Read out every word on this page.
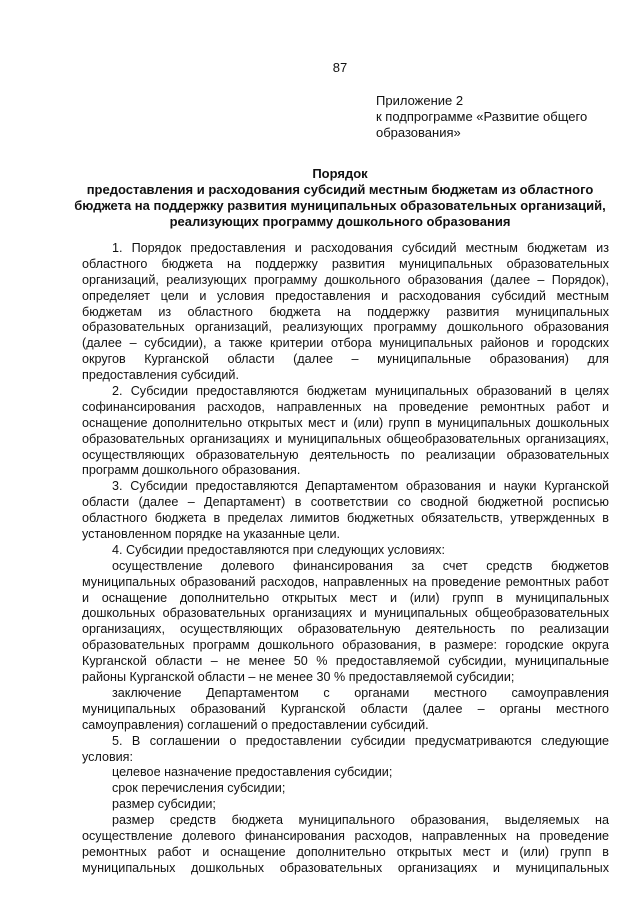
87
Приложение 2
к подпрограмме «Развитие общего
образования»
Порядок
предоставления и расходования субсидий местным бюджетам из областного
бюджета на поддержку развития муниципальных образовательных организаций,
реализующих программу дошкольного образования
1. Порядок предоставления и расходования субсидий местным бюджетам из
областного бюджета на поддержку развития муниципальных образовательных
организаций, реализующих программу дошкольного образования (далее – Порядок),
определяет цели и условия предоставления и расходования субсидий местным
бюджетам из областного бюджета на поддержку развития муниципальных
образовательных организаций, реализующих программу дошкольного образования
(далее – субсидии), а также критерии отбора муниципальных районов и городских
округов Курганской области (далее – муниципальные образования) для
предоставления субсидий.
2. Субсидии предоставляются бюджетам муниципальных образований в целях
софинансирования расходов, направленных на проведение ремонтных работ и
оснащение дополнительно открытых мест и (или) групп в муниципальных дошкольных
образовательных организациях и муниципальных общеобразовательных организациях,
осуществляющих образовательную деятельность по реализации образовательных
программ дошкольного образования.
3. Субсидии предоставляются Департаментом образования и науки Курганской
области (далее – Департамент) в соответствии со сводной бюджетной росписью
областного бюджета в пределах лимитов бюджетных обязательств, утвержденных в
установленном порядке на указанные цели.
4. Субсидии предоставляются при следующих условиях:
осуществление долевого финансирования за счет средств бюджетов
муниципальных образований расходов, направленных на проведение ремонтных работ
и оснащение дополнительно открытых мест и (или) групп в муниципальных
дошкольных образовательных организациях и муниципальных общеобразовательных
организациях, осуществляющих образовательную деятельность по реализации
образовательных программ дошкольного образования, в размере: городские округа
Курганской области – не менее 50 % предоставляемой субсидии, муниципальные
районы Курганской области – не менее 30 % предоставляемой субсидии;
заключение Департаментом с органами местного самоуправления
муниципальных образований Курганской области (далее – органы местного
самоуправления) соглашений о предоставлении субсидий.
5. В соглашении о предоставлении субсидии предусматриваются следующие
условия:
целевое назначение предоставления субсидии;
срок перечисления субсидии;
размер субсидии;
размер средств бюджета муниципального образования, выделяемых на
осуществление долевого финансирования расходов, направленных на проведение
ремонтных работ и оснащение дополнительно открытых мест и (или) групп в
муниципальных дошкольных образовательных организациях и муниципальных
